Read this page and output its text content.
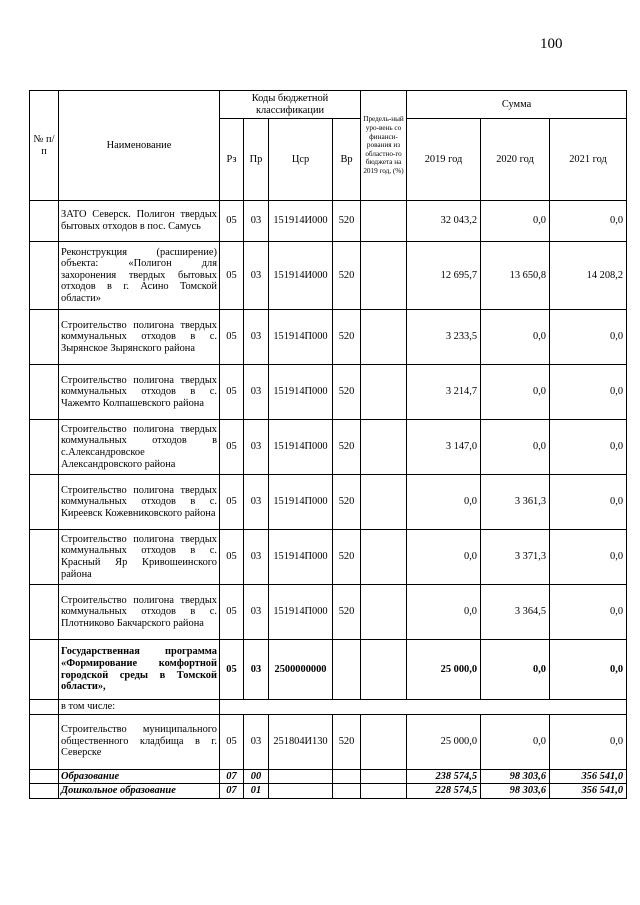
100
№ п/п	Наименование	Коды бюджетной классификации				Предель-ный уро-вень со финанси-рования из областно-го бюджета на 2019 год, (%)	Сумма		
		Рз	Пр	Цср	Вр		2019 год	2020 год	2021 год
	ЗАТО Северск. Полигон твердых бытовых отходов в пос. Самусь	05	03	151914И000	520		32 043,2	0,0	0,0
	Реконструкция (расширение) объекта: «Полигон для захоронения твердых бытовых отходов в г. Асино Томской области»	05	03	151914И000	520		12 695,7	13 650,8	14 208,2
	Строительство полигона твердых коммунальных отходов в с. Зырянское Зырянского района	05	03	151914П000	520		3 233,5	0,0	0,0
	Строительство полигона твердых коммунальных отходов в с. Чажемто Колпашевского района	05	03	151914П000	520		3 214,7	0,0	0,0
	Строительство полигона твердых коммунальных отходов в с.Александровское Александровского района	05	03	151914П000	520		3 147,0	0,0	0,0
	Строительство полигона твердых коммунальных отходов в с. Киреевск Кожевниковского района	05	03	151914П000	520		0,0	3 361,3	0,0
	Строительство полигона твердых коммунальных отходов в с. Красный Яр Кривошеинского района	05	03	151914П000	520		0,0	3 371,3	0,0
	Строительство полигона твердых коммунальных отходов в с. Плотниково Бакчарского района	05	03	151914П000	520		0,0	3 364,5	0,0
	Государственная программа «Формирование комфортной городской среды в Томской области»,	05	03	2500000000			25 000,0	0,0	0,0
	в том числе:								
	Строительство муниципального общественного кладбища в г. Северске	05	03	251804И130	520		25 000,0	0,0	0,0
	Образование	07	00				238 574,5	98 303,6	356 541,0
	Дошкольное образование	07	01				228 574,5	98 303,6	356 541,0
